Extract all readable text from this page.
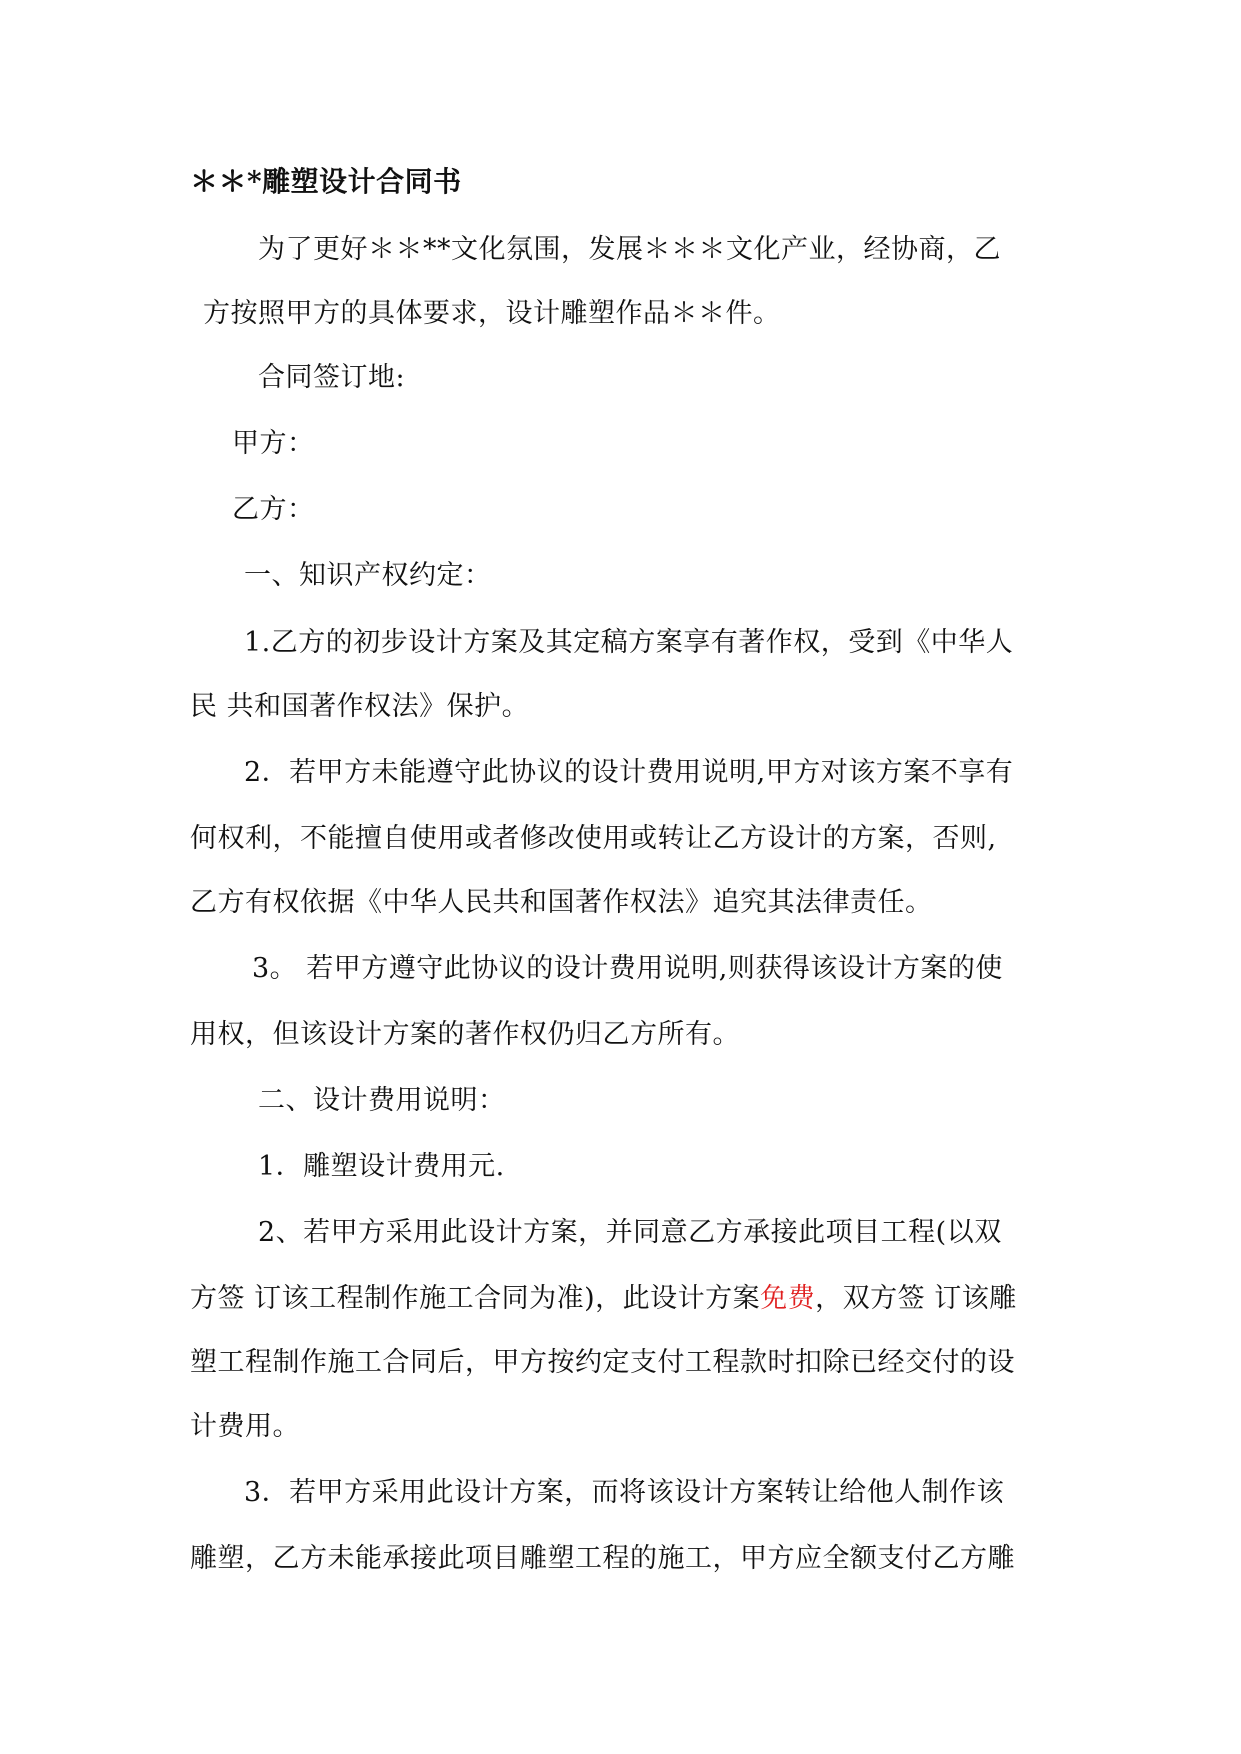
＊＊*雕塑设计合同书
为了更好＊＊**文化氛围，发展＊＊＊文化产业，经协商，乙
方按照甲方的具体要求，设计雕塑作品＊＊件。
合同签订地:
甲方：
乙方：
一、知识产权约定：
1.乙方的初步设计方案及其定稿方案享有著作权，受到《中华人
民 共和国著作权法》保护。
2．若甲方未能遵守此协议的设计费用说明,甲方对该方案不享有
何权利，不能擅自使用或者修改使用或转让乙方设计的方案，否则,
乙方有权依据《中华人民共和国著作权法》追究其法律责任。
3。 若甲方遵守此协议的设计费用说明,则获得该设计方案的使
用权，但该设计方案的著作权仍归乙方所有。
二、设计费用说明：
1．雕塑设计费用元.
2、若甲方采用此设计方案，并同意乙方承接此项目工程(以双
方签 订该工程制作施工合同为准)，此设计方案免费，双方签 订该雕
塑工程制作施工合同后，甲方按约定支付工程款时扣除已经交付的设
计费用。
3．若甲方采用此设计方案，而将该设计方案转让给他人制作该
雕塑，乙方未能承接此项目雕塑工程的施工，甲方应全额支付乙方雕
